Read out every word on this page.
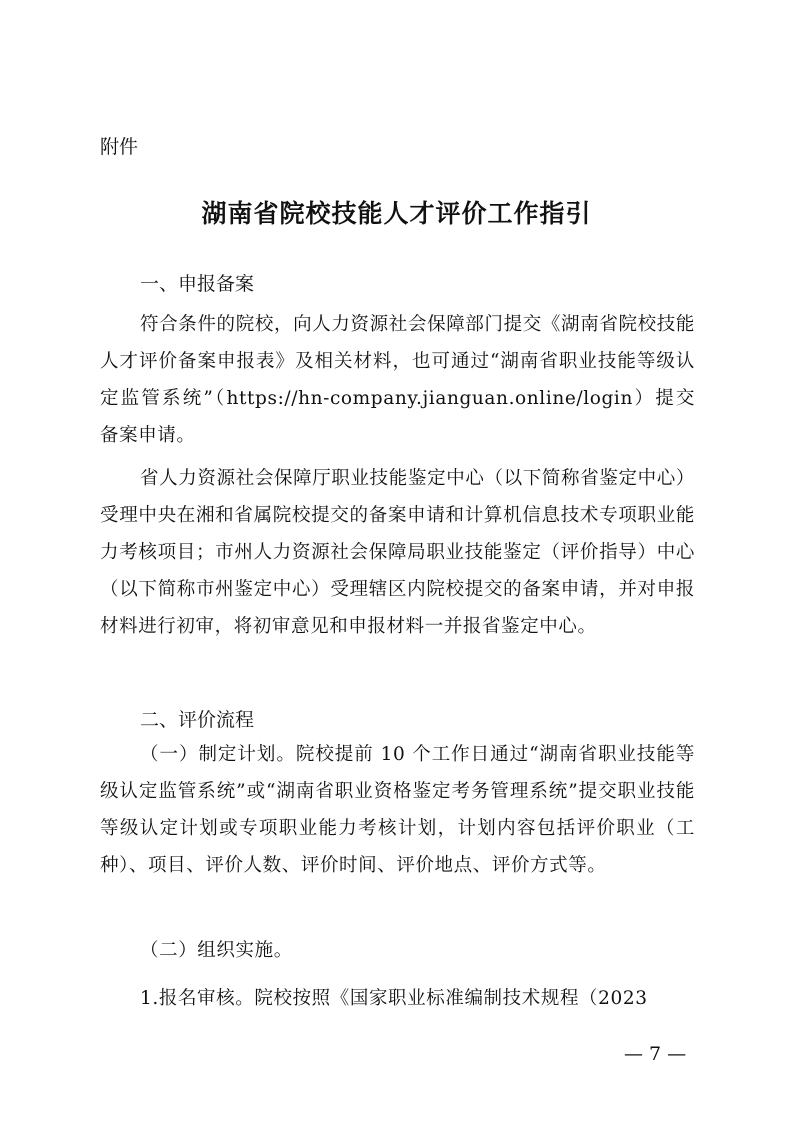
附件
湖南省院校技能人才评价工作指引

一、申报备案

符合条件的院校，向人力资源社会保障部门提交《湖南省院校技能人才评价备案申报表》及相关材料，也可通过“湖南省职业技能等级认定监管系统”（https://hn-company.jianguan.online/login）提交备案申请。

省人力资源社会保障厅职业技能鉴定中心（以下简称省鉴定中心）受理中央在湘和省属院校提交的备案申请和计算机信息技术专项职业能力考核项目；市州人力资源社会保障局职业技能鉴定（评价指导）中心（以下简称市州鉴定中心）受理辖区内院校提交的备案申请，并对申报材料进行初审，将初审意见和申报材料一并报省鉴定中心。

二、评价流程

（一）制定计划。院校提前 10 个工作日通过“湖南省职业技能等级认定监管系统”或“湖南省职业资格鉴定考务管理系统”提交职业技能等级认定计划或专项职业能力考核计划，计划内容包括评价职业（工种）、项目、评价人数、评价时间、评价地点、评价方式等。

（二）组织实施。

1.报名审核。院校按照《国家职业标准编制技术规程（2023

— 7 —
